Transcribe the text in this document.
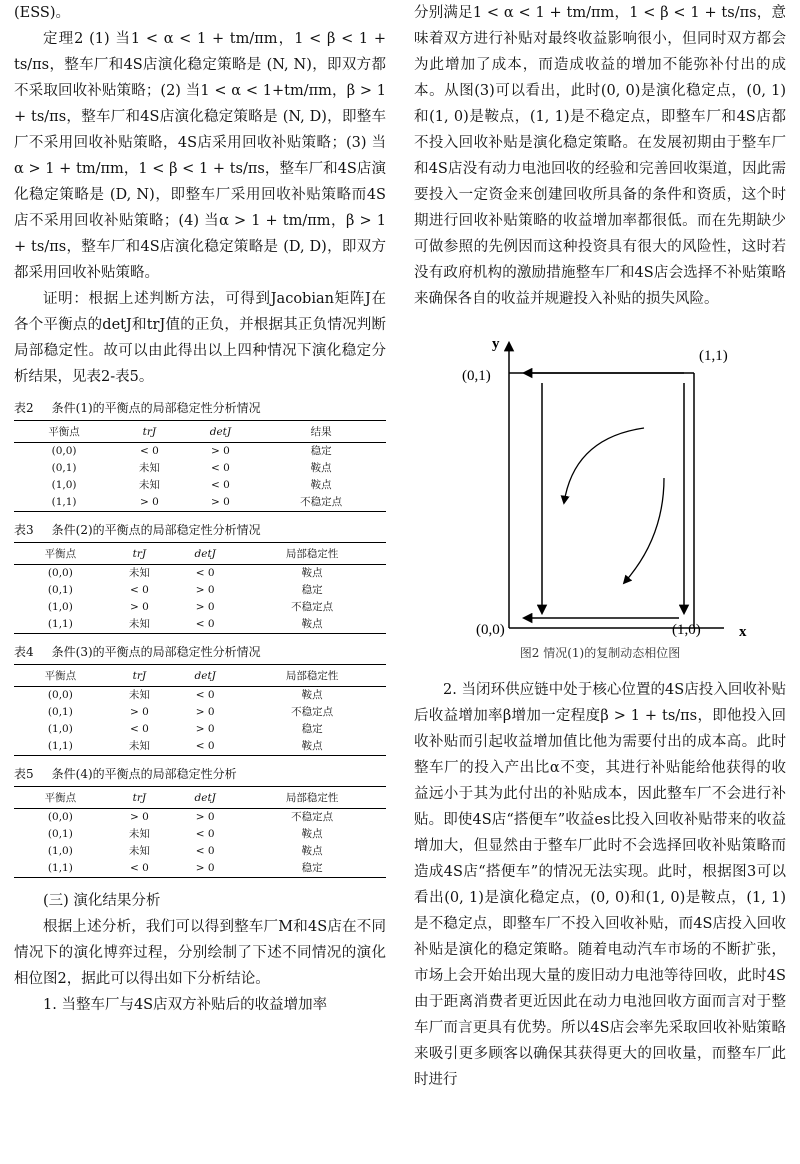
(ESS)。

定理2 (1) 当1 < α < 1 + tm/πm，1 < β < 1 + ts/πs，整车厂和4S店演化稳定策略是 (N, N)，即双方都不采取回收补贴策略；(2) 当1 < α < 1+tm/πm，β > 1 + ts/πs，整车厂和4S店演化稳定策略是 (N, D)，即整车厂不采用回收补贴策略，4S店采用回收补贴策略；(3) 当α > 1 + tm/πm，1 < β < 1 + ts/πs，整车厂和4S店演化稳定策略是 (D, N)，即整车厂采用回收补贴策略而4S店不采用回收补贴策略；(4) 当α > 1 + tm/πm，β > 1 + ts/πs，整车厂和4S店演化稳定策略是 (D, D)，即双方都采用回收补贴策略。

证明：根据上述判断方法，可得到Jacobian矩阵J在各个平衡点的detJ和trJ值的正负，并根据其正负情况判断局部稳定性。故可以由此得出以上四种情况下演化稳定分析结果，见表2-表5。

表2 条件(1)的平衡点的局部稳定性分析情况
平衡点	trJ	detJ	结果
(0,0)	< 0	> 0	稳定
(0,1)	未知	< 0	鞍点
(1,0)	未知	< 0	鞍点
(1,1)	> 0	> 0	不稳定点
表3 条件(2)的平衡点的局部稳定性分析情况
平衡点	trJ	detJ	局部稳定性
(0,0)	未知	< 0	鞍点
(0,1)	< 0	> 0	稳定
(1,0)	> 0	> 0	不稳定点
(1,1)	未知	< 0	鞍点
表4 条件(3)的平衡点的局部稳定性分析情况
平衡点	trJ	detJ	局部稳定性
(0,0)	未知	< 0	鞍点
(0,1)	> 0	> 0	不稳定点
(1,0)	< 0	> 0	稳定
(1,1)	未知	< 0	鞍点
表5 条件(4)的平衡点的局部稳定性分析
平衡点	trJ	detJ	局部稳定性
(0,0)	> 0	> 0	不稳定点
(0,1)	未知	< 0	鞍点
(1,0)	未知	< 0	鞍点
(1,1)	< 0	> 0	稳定

(三) 演化结果分析

根据上述分析，我们可以得到整车厂M和4S店在不同情况下的演化博弈过程，分别绘制了下述不同情况的演化相位图2，据此可以得出如下分析结论。

1. 当整车厂与4S店双方补贴后的收益增加率

分别满足1 < α < 1 + tm/πm，1 < β < 1 + ts/πs，意味着双方进行补贴对最终收益影响很小，但同时双方都会为此增加了成本，而造成收益的增加不能弥补付出的成本。从图(3)可以看出，此时(0, 0)是演化稳定点，(0, 1)和(1, 0)是鞍点，(1, 1)是不稳定点，即整车厂和4S店都不投入回收补贴是演化稳定策略。在发展初期由于整车厂和4S店没有动力电池回收的经验和完善回收渠道，因此需要投入一定资金来创建回收所具备的条件和资质，这个时期进行回收补贴策略的收益增加率都很低。而在先期缺少可做参照的先例因而这种投资具有很大的风险性，这时若没有政府机构的激励措施整车厂和4S店会选择不补贴策略来确保各自的收益并规避投入补贴的损失风险。

y
x
(0,1)
(1,1)
(0,0)	(1,0)
图2 情况(1)的复制动态相位图

2. 当闭环供应链中处于核心位置的4S店投入回收补贴后收益增加率β增加一定程度β > 1 + ts/πs，即他投入回收补贴而引起收益增加值比他为需要付出的成本高。此时整车厂的投入产出比α不变，其进行补贴能给他获得的收益远小于其为此付出的补贴成本，因此整车厂不会进行补贴。即使4S店“搭便车”收益es比投入回收补贴带来的收益增加大，但显然由于整车厂此时不会选择回收补贴策略而造成4S店“搭便车”的情况无法实现。此时，根据图3可以看出(0, 1)是演化稳定点，(0, 0)和(1, 0)是鞍点，(1, 1)是不稳定点，即整车厂不投入回收补贴，而4S店投入回收补贴是演化的稳定策略。随着电动汽车市场的不断扩张，市场上会开始出现大量的废旧动力电池等待回收，此时4S由于距离消费者更近因此在动力电池回收方面而言对于整车厂而言更具有优势。所以4S店会率先采取回收补贴策略来吸引更多顾客以确保其获得更大的回收量，而整车厂此时进行
